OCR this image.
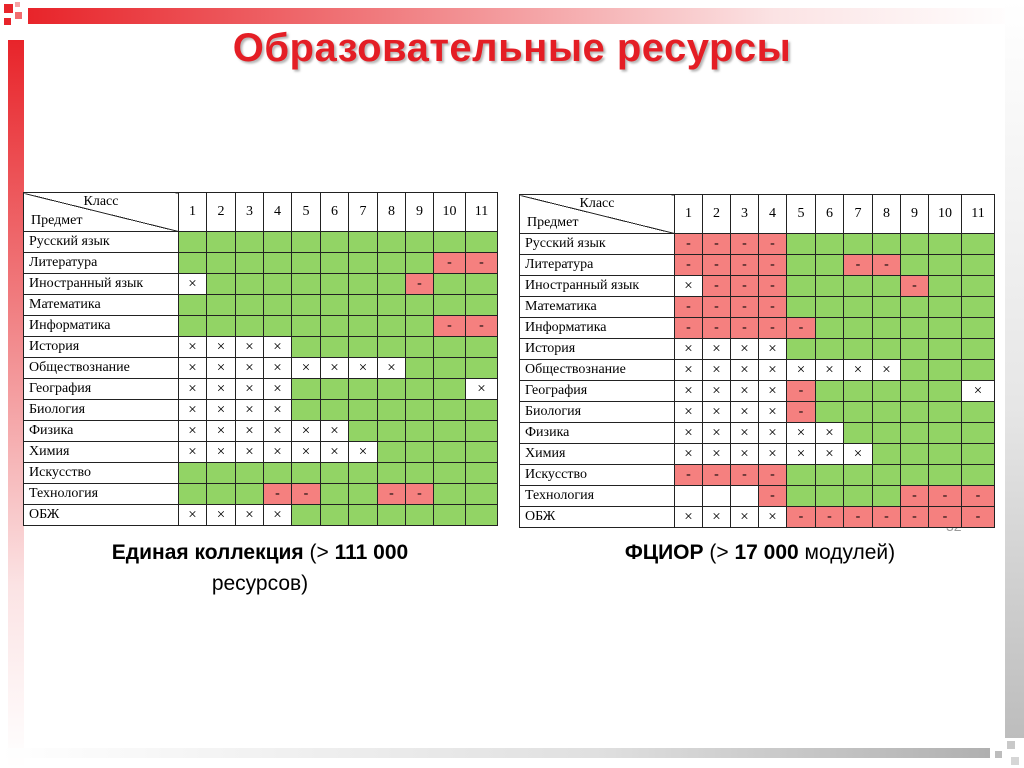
Образовательные ресурсы
Класс
Предмет	1	2	3	4	5	6	7	8	9	10	11
Русский язык											
Литература										-	-
Иностранный язык	×								-		
Математика											
Информатика										-	-
История	×	×	×	×							
Обществознание	×	×	×	×	×	×	×	×			
География	×	×	×	×							×
Биология	×	×	×	×							
Физика	×	×	×	×	×	×					
Химия	×	×	×	×	×	×	×				
Искусство											
Технология				-	-			-	-		
ОБЖ	×	×	×	×							
Класс
Предмет	1	2	3	4	5	6	7	8	9	10	11
Русский язык	-	-	-	-							
Литература	-	-	-	-			-	-			
Иностранный язык	×	-	-	-					-		
Математика	-	-	-	-							
Информатика	-	-	-	-	-						
История	×	×	×	×							
Обществознание	×	×	×	×	×	×	×	×			
География	×	×	×	×	-						×
Биология	×	×	×	×	-						
Физика	×	×	×	×	×	×					
Химия	×	×	×	×	×	×	×				
Искусство	-	-	-	-							
Технология				-					-	-	-
ОБЖ	×	×	×	×	-	-	-	-	-	-	-
Единая коллекция (> 111 000
ресурсов)
ФЦИОР (> 17 000 модулей)
